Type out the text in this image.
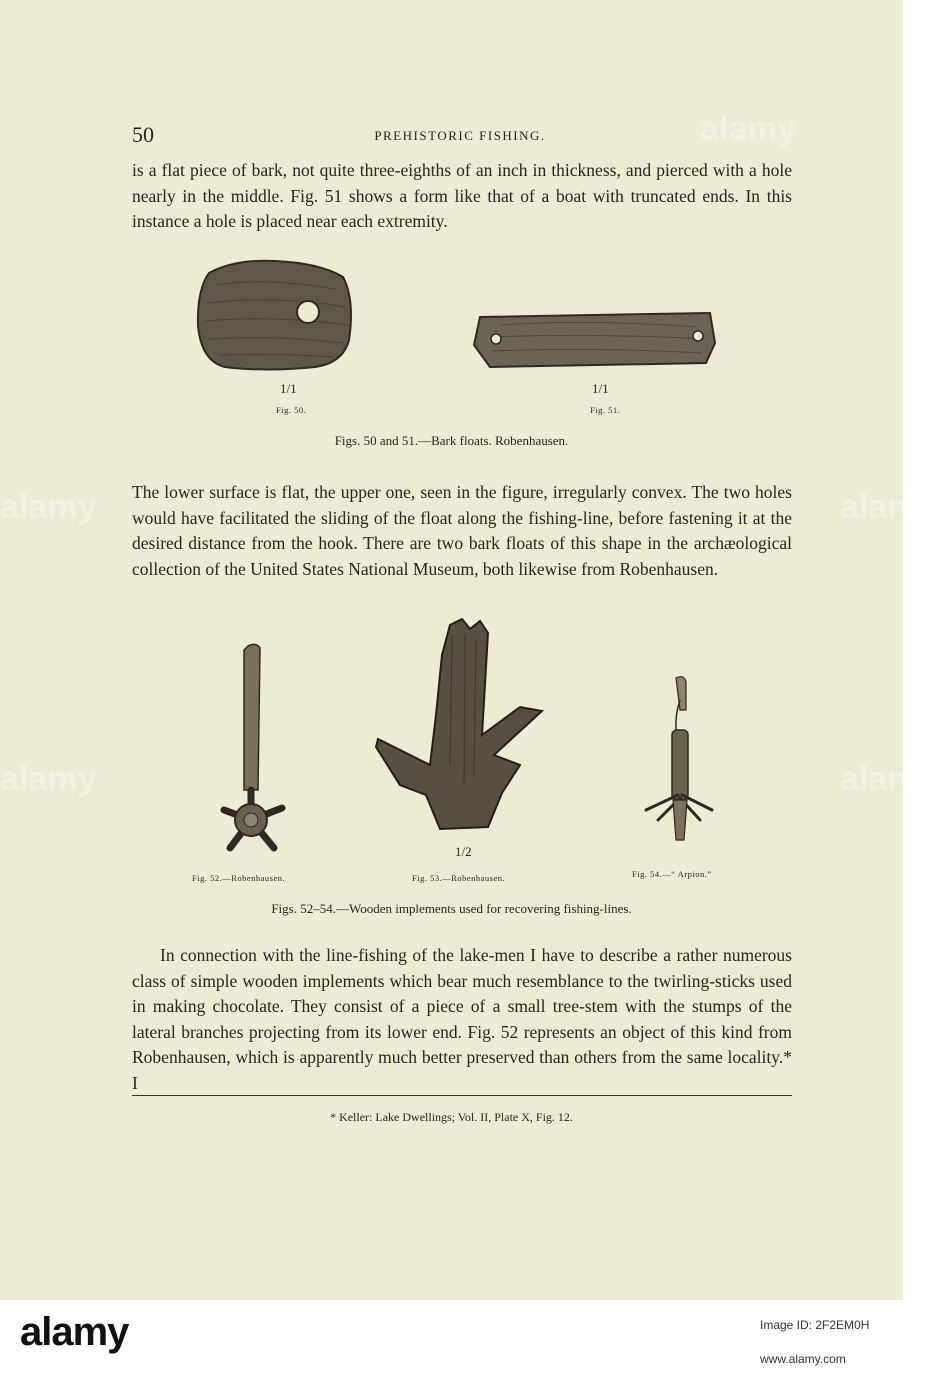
50	PREHISTORIC FISHING.

is a flat piece of bark, not quite three-eighths of an inch in thickness, and pierced with a hole nearly in the middle. Fig. 51 shows a form like that of a boat with truncated ends. In this instance a hole is placed near each extremity.

1/1	1/1
Fig. 50.	Fig. 51.
Figs. 50 and 51.—Bark floats. Robenhausen.

The lower surface is flat, the upper one, seen in the figure, irregularly convex. The two holes would have facilitated the sliding of the float along the fishing-line, before fastening it at the desired distance from the hook. There are two bark floats of this shape in the archæological collection of the United States National Museum, both likewise from Robenhausen.

1/2
Fig. 52.—Robenhausen.	Fig. 53.—Robenhausen.	Fig. 54.—“ Arpion.”
Figs. 52–54.—Wooden implements used for recovering fishing-lines.

In connection with the line-fishing of the lake-men I have to describe a rather numerous class of simple wooden implements which bear much resemblance to the twirling-sticks used in making chocolate. They consist of a piece of a small tree-stem with the stumps of the lateral branches projecting from its lower end. Fig. 52 represents an object of this kind from Robenhausen, which is apparently much better preserved than others from the same locality.* I

* Keller: Lake Dwellings; Vol. II, Plate X, Fig. 12.
alamy
alamy
alamy
alamy
alamy
alamy	Image ID: 2F2EM0H
www.alamy.com
